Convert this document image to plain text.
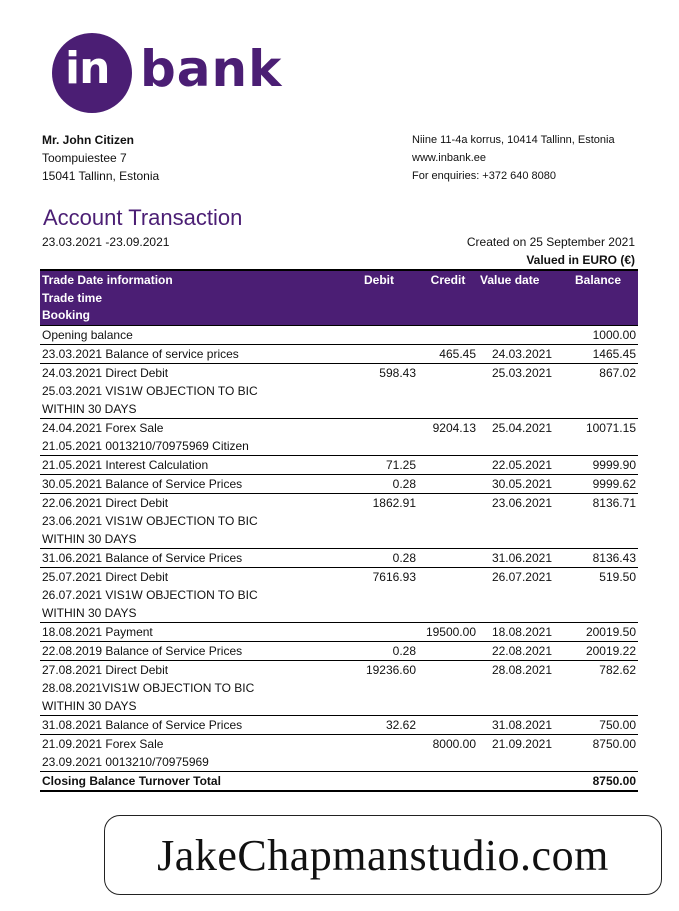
in bank
Mr. John Citizen
Toompuiestee 7
15041 Tallinn, Estonia
Niine 11-4a korrus, 10414 Tallinn, Estonia
www.inbank.ee
For enquiries: +372 640 8080
Account Transaction
23.03.2021 -23.09.2021	Created on 25 September 2021
Valued in EURO (€)
Trade Date information
Trade time
Booking	Debit	Credit	Value date	Balance

Opening balance				1000.00
23.03.2021 Balance of service prices		465.45	24.03.2021	1465.45
24.03.2021 Direct Debit	598.43		25.03.2021	867.02
25.03.2021 VIS1W OBJECTION TO BIC				
WITHIN 30 DAYS				
24.04.2021 Forex Sale		9204.13	25.04.2021	10071.15
21.05.2021 0013210/70975969 Citizen				
21.05.2021 Interest Calculation	71.25		22.05.2021	9999.90
30.05.2021 Balance of Service Prices	0.28		30.05.2021	9999.62
22.06.2021 Direct Debit	1862.91		23.06.2021	8136.71
23.06.2021 VIS1W OBJECTION TO BIC				
WITHIN 30 DAYS				
31.06.2021 Balance of Service Prices	0.28		31.06.2021	8136.43
25.07.2021 Direct Debit	7616.93		26.07.2021	519.50
26.07.2021 VIS1W OBJECTION TO BIC				
WITHIN 30 DAYS				
18.08.2021 Payment		19500.00	18.08.2021	20019.50
22.08.2019 Balance of Service Prices	0.28		22.08.2021	20019.22
27.08.2021 Direct Debit	19236.60		28.08.2021	782.62
28.08.2021VIS1W OBJECTION TO BIC				
WITHIN 30 DAYS				
31.08.2021 Balance of Service Prices	32.62		31.08.2021	750.00
21.09.2021 Forex Sale		8000.00	21.09.2021	8750.00
23.09.2021 0013210/70975969				
Closing Balance Turnover Total				8750.00
JakeChapmanstudio.com
